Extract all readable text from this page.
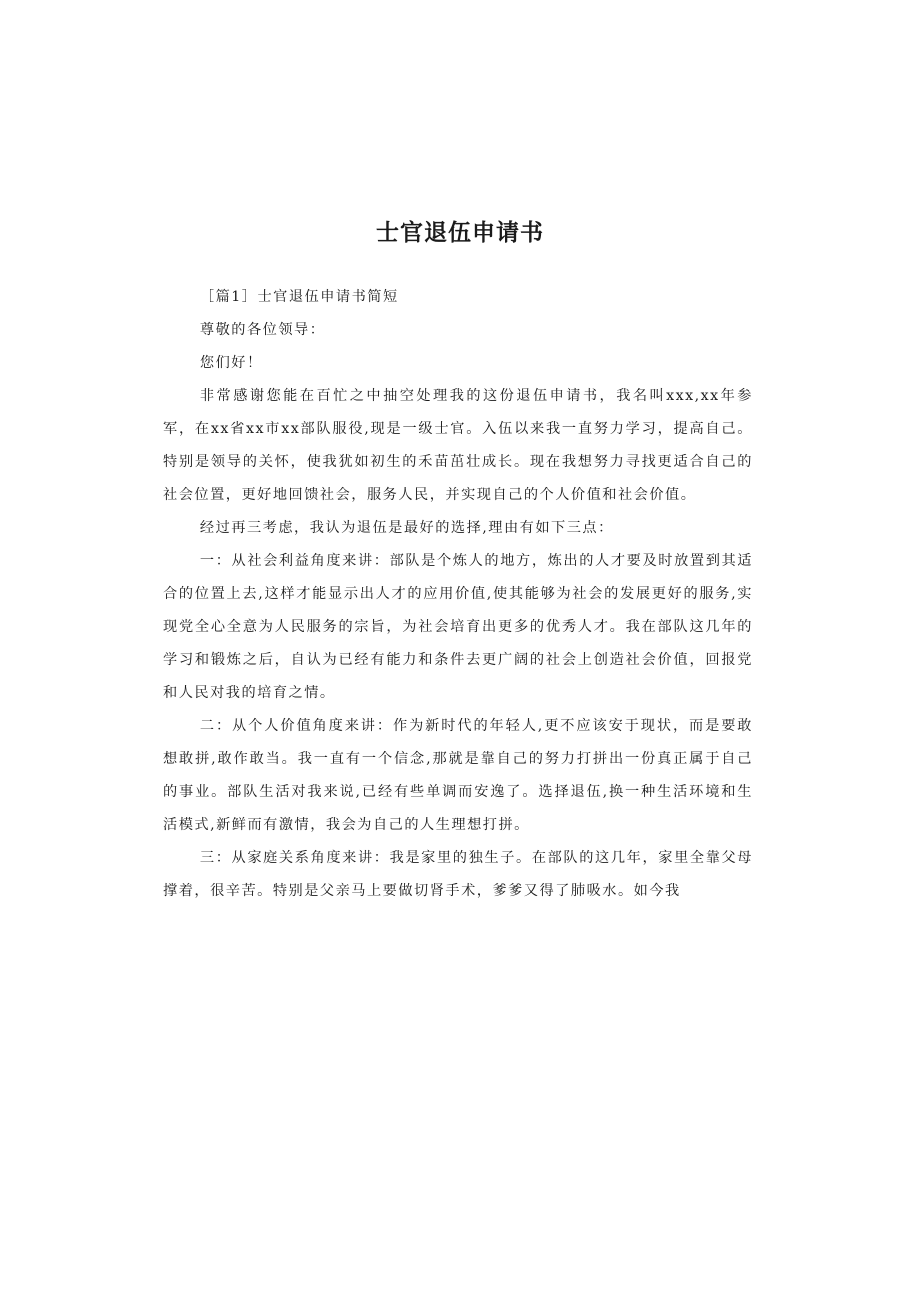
士官退伍申请书

［篇1］士官退伍申请书简短

尊敬的各位领导：

您们好！

非常感谢您能在百忙之中抽空处理我的这份退伍申请书，我名叫xxx,xx年参军，在xx省xx市xx部队服役,现是一级士官。入伍以来我一直努力学习，提高自己。特别是领导的关怀，使我犹如初生的禾苗茁壮成长。现在我想努力寻找更适合自己的社会位置，更好地回馈社会，服务人民，并实现自己的个人价值和社会价值。

经过再三考虑，我认为退伍是最好的选择,理由有如下三点：

一：从社会利益角度来讲：部队是个炼人的地方，炼出的人才要及时放置到其适合的位置上去,这样才能显示出人才的应用价值,使其能够为社会的发展更好的服务,实现党全心全意为人民服务的宗旨，为社会培育出更多的优秀人才。我在部队这几年的学习和锻炼之后，自认为已经有能力和条件去更广阔的社会上创造社会价值，回报党和人民对我的培育之情。

二：从个人价值角度来讲：作为新时代的年轻人,更不应该安于现状，而是要敢想敢拼,敢作敢当。我一直有一个信念,那就是靠自己的努力打拼出一份真正属于自己的事业。部队生活对我来说,已经有些单调而安逸了。选择退伍,换一种生活环境和生活模式,新鲜而有激情，我会为自己的人生理想打拼。

三：从家庭关系角度来讲：我是家里的独生子。在部队的这几年，家里全靠父母撑着，很辛苦。特别是父亲马上要做切肾手术，爹爹又得了肺吸水。如今我
